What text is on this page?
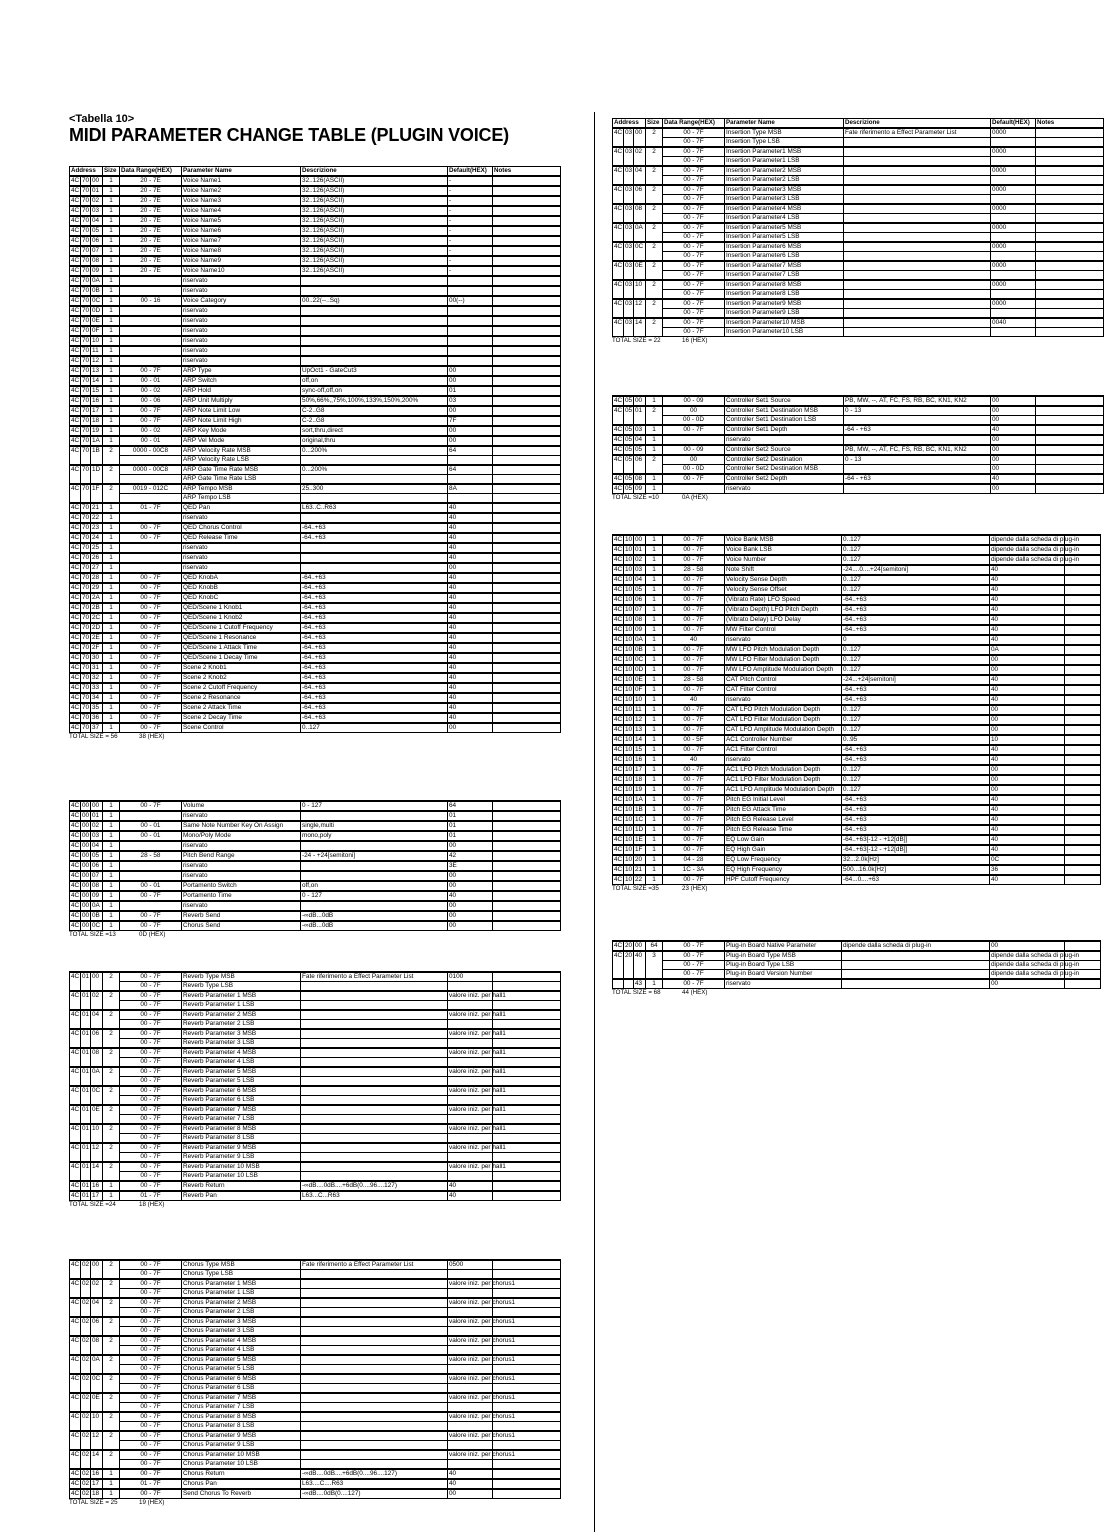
<Tabella 10>
MIDI PARAMETER CHANGE TABLE (PLUGIN VOICE)
Address			Size	Data Range(HEX)	Parameter Name	Descrizione	Default(HEX)	Notes
4C	70	00	1	20 - 7E	Voice Name1	32..126(ASCII)	-	
4C	70	01	1	20 - 7E	Voice Name2	32..126(ASCII)	-	
4C	70	02	1	20 - 7E	Voice Name3	32..126(ASCII)	-	
4C	70	03	1	20 - 7E	Voice Name4	32..126(ASCII)	-	
4C	70	04	1	20 - 7E	Voice Name5	32..126(ASCII)	-	
4C	70	05	1	20 - 7E	Voice Name6	32..126(ASCII)	-	
4C	70	06	1	20 - 7E	Voice Name7	32..126(ASCII)	-	
4C	70	07	1	20 - 7E	Voice Name8	32..126(ASCII)	-	
4C	70	08	1	20 - 7E	Voice Name9	32..126(ASCII)	-	
4C	70	09	1	20 - 7E	Voice Name10	32..126(ASCII)	-	
4C	70	0A	1		riservato			
4C	70	0B	1		riservato			
4C	70	0C	1	00 - 16	Voice Category	00..22(--..Sq)	00(--)	
4C	70	0D	1		riservato			
4C	70	0E	1		riservato			
4C	70	0F	1		riservato			
4C	70	10	1		riservato			
4C	70	11	1		riservato			
4C	70	12	1		riservato			
4C	70	13	1	00 - 7F	ARP Type	UpOct1 - GateCut3	00	
4C	70	14	1	00 - 01	ARP Switch	off,on	00	
4C	70	15	1	00 - 02	ARP Hold	sync-off,off,on	01	
4C	70	16	1	00 - 06	ARP Unit Multiply	50%,66%,,75%,100%,133%,150%,200%	03	
4C	70	17	1	00 - 7F	ARP Note Limit Low	C-2..G8	00	
4C	70	18	1	00 - 7F	ARP Note Limit High	C-2..G8	7F	
4C	70	19	1	00 - 02	ARP Key Mode	sort,thru,direct	00	
4C	70	1A	1	00 - 01	ARP Vel Mode	original,thru	00	
4C	70	1B	2	0000 - 00C8	ARP Velocity Rate MSB	0...200%	64	
					ARP Velocity Rate LSB			
4C	70	1D	2	0000 - 00C8	ARP Gate Time Rate MSB	0...200%	64	
					ARP Gate Time Rate LSB			
4C	70	1F	2	0019 - 012C	ARP Tempo MSB	25..300	8A	
					ARP Tempo LSB			
4C	70	21	1	01 - 7F	QED Pan	L63..C..R63	40	
4C	70	22	1		riservato		40	
4C	70	23	1	00 - 7F	QED Chorus Control	-64..+63	40	
4C	70	24	1	00 - 7F	QED Release Time	-64..+63	40	
4C	70	25	1		riservato		40	
4C	70	26	1		riservato		40	
4C	70	27	1		riservato		00	
4C	70	28	1	00 - 7F	QED KnobA	-64..+63	40	
4C	70	29	1	00 - 7F	QED KnobB	-64..+63	40	
4C	70	2A	1	00 - 7F	QED KnobC	-64..+63	40	
4C	70	2B	1	00 - 7F	QED/Scene 1 Knob1	-64..+63	40	
4C	70	2C	1	00 - 7F	QED/Scene 1 Knob2	-64..+63	40	
4C	70	2D	1	00 - 7F	QED/Scene 1 Cutoff Frequency	-64..+63	40	
4C	70	2E	1	00 - 7F	QED/Scene 1 Resonance	-64..+63	40	
4C	70	2F	1	00 - 7F	QED/Scene 1 Attack Time	-64..+63	40	
4C	70	30	1	00 - 7F	QED/Scene 1 Decay Time	-64..+63	40	
4C	70	31	1	00 - 7F	Scene 2 Knob1	-64..+63	40	
4C	70	32	1	00 - 7F	Scene 2 Knob2	-64..+63	40	
4C	70	33	1	00 - 7F	Scene 2 Cutoff Frequency	-64..+63	40	
4C	70	34	1	00 - 7F	Scene 2 Resonance	-64..+63	40	
4C	70	35	1	00 - 7F	Scene 2 Attack Time	-64..+63	40	
4C	70	36	1	00 - 7F	Scene 2 Decay Time	-64..+63	40	
4C	70	37	1	00 - 7F	Scene Control	0..127	00	
TOTAL SIZE = 56	38 (HEX)
4C	00	00	1	00 - 7F	Volume	0 - 127	64	
4C	00	01	1		riservato		01	
4C	00	02	1	00 - 01	Same Note Number Key On Assign	single,multi	01	
4C	00	03	1	00 - 01	Mono/Poly Mode	mono,poly	01	
4C	00	04	1		riservato		00	
4C	00	05	1	28 - 58	Pitch Bend Range	-24 - +24[semitoni]	42	
4C	00	06	1		riservato		3E	
4C	00	07	1		riservato		00	
4C	00	08	1	00 - 01	Portamento Switch	off,on	00	
4C	00	09	1	00 - 7F	Portamento Time	0 - 127	40	
4C	00	0A	1		riservato		00	
4C	00	0B	1	00 - 7F	Reverb Send	-∞dB...0dB	00	
4C	00	0C	1	00 - 7F	Chorus Send	-∞dB...0dB	00	
TOTAL SIZE =13	0D (HEX)
4C	01	00	2	00 - 7F	Reverb Type MSB	Fate riferimento a Effect Parameter List	0100	
				00 - 7F	Reverb Type LSB			
4C	01	02	2	00 - 7F	Reverb Parameter 1 MSB		valore iniz. per hall1	
				00 - 7F	Reverb Parameter 1 LSB			
4C	01	04	2	00 - 7F	Reverb Parameter 2 MSB		valore iniz. per hall1	
				00 - 7F	Reverb Parameter 2 LSB			
4C	01	06	2	00 - 7F	Reverb Parameter 3 MSB		valore iniz. per hall1	
				00 - 7F	Reverb Parameter 3 LSB			
4C	01	08	2	00 - 7F	Reverb Parameter 4 MSB		valore iniz. per hall1	
				00 - 7F	Reverb Parameter 4 LSB			
4C	01	0A	2	00 - 7F	Reverb Parameter 5 MSB		valore iniz. per hall1	
				00 - 7F	Reverb Parameter 5 LSB			
4C	01	0C	2	00 - 7F	Reverb Parameter 6 MSB		valore iniz. per hall1	
				00 - 7F	Reverb Parameter 6 LSB			
4C	01	0E	2	00 - 7F	Reverb Parameter 7 MSB		valore iniz. per hall1	
				00 - 7F	Reverb Parameter 7 LSB			
4C	01	10	2	00 - 7F	Reverb Parameter 8 MSB		valore iniz. per hall1	
				00 - 7F	Reverb Parameter 8 LSB			
4C	01	12	2	00 - 7F	Reverb Parameter 9 MSB		valore iniz. per hall1	
				00 - 7F	Reverb Parameter 9 LSB			
4C	01	14	2	00 - 7F	Reverb Parameter 10 MSB		valore iniz. per hall1	
				00 - 7F	Reverb Parameter 10 LSB			
4C	01	16	1	00 - 7F	Reverb Return	-∞dB....0dB....+6dB(0....96....127)	40	
4C	01	17	1	01 - 7F	Reverb Pan	L63...C...R63	40	
TOTAL SIZE =24	18 (HEX)
4C	02	00	2	00 - 7F	Chorus Type MSB	Fate riferimento a Effect Parameter List	0500	
				00 - 7F	Chorus Type LSB			
4C	02	02	2	00 - 7F	Chorus Parameter 1 MSB		valore iniz. per chorus1	
				00 - 7F	Chorus Parameter 1 LSB			
4C	02	04	2	00 - 7F	Chorus Parameter 2 MSB		valore iniz. per chorus1	
				00 - 7F	Chorus Parameter 2 LSB			
4C	02	06	2	00 - 7F	Chorus Parameter 3 MSB		valore iniz. per chorus1	
				00 - 7F	Chorus Parameter 3 LSB			
4C	02	08	2	00 - 7F	Chorus Parameter 4 MSB		valore iniz. per chorus1	
				00 - 7F	Chorus Parameter 4 LSB			
4C	02	0A	2	00 - 7F	Chorus Parameter 5 MSB		valore iniz. per chorus1	
				00 - 7F	Chorus Parameter 5 LSB			
4C	02	0C	2	00 - 7F	Chorus Parameter 6 MSB		valore iniz. per chorus1	
				00 - 7F	Chorus Parameter 6 LSB			
4C	02	0E	2	00 - 7F	Chorus Parameter 7 MSB		valore iniz. per chorus1	
				00 - 7F	Chorus Parameter 7 LSB			
4C	02	10	2	00 - 7F	Chorus Parameter 8 MSB		valore iniz. per chorus1	
				00 - 7F	Chorus Parameter 8 LSB			
4C	02	12	2	00 - 7F	Chorus Parameter 9 MSB		valore iniz. per chorus1	
				00 - 7F	Chorus Parameter 9 LSB			
4C	02	14	2	00 - 7F	Chorus Parameter 10 MSB		valore iniz. per chorus1	
				00 - 7F	Chorus Parameter 10 LSB			
4C	02	16	1	00 - 7F	Chorus Return	-∞dB....0dB....+6dB(0....96....127)	40	
4C	02	17	1	01 - 7F	Chorus Pan	L63....C....R63	40	
4C	02	18	1	00 - 7F	Send Chorus To Reverb	-∞dB....0dB(0....127)	00	
TOTAL SIZE = 25	19 (HEX)
Address			Size	Data Range(HEX)	Parameter Name	Descrizione	Default(HEX)	Notes
4C	03	00	2	00 - 7F	Insertion Type MSB	Fate riferimento a Effect Parameter List	0000	
				00 - 7F	Insertion Type LSB			
4C	03	02	2	00 - 7F	Insertion Parameter1 MSB		0000	
				00 - 7F	Insertion Parameter1 LSB			
4C	03	04	2	00 - 7F	Insertion Parameter2 MSB		0000	
				00 - 7F	Insertion Parameter2 LSB			
4C	03	06	2	00 - 7F	Insertion Parameter3 MSB		0000	
				00 - 7F	Insertion Parameter3 LSB			
4C	03	08	2	00 - 7F	Insertion Parameter4 MSB		0000	
				00 - 7F	Insertion Parameter4 LSB			
4C	03	0A	2	00 - 7F	Insertion Parameter5 MSB		0000	
				00 - 7F	Insertion Parameter5 LSB			
4C	03	0C	2	00 - 7F	Insertion Parameter6 MSB		0000	
				00 - 7F	Insertion Parameter6 LSB			
4C	03	0E	2	00 - 7F	Insertion Parameter7 MSB		0000	
				00 - 7F	Insertion Parameter7 LSB			
4C	03	10	2	00 - 7F	Insertion Parameter8 MSB		0000	
				00 - 7F	Insertion Parameter8 LSB			
4C	03	12	2	00 - 7F	Insertion Parameter9 MSB		0000	
				00 - 7F	Insertion Parameter9 LSB			
4C	03	14	2	00 - 7F	Insertion Parameter10 MSB		0040	
				00 - 7F	Insertion Parameter10 LSB			
TOTAL SIZE = 22	16 (HEX)
4C	05	00	1	00 - 09	Controller Set1 Source	PB, MW, --, AT, FC, FS, RB, BC, KN1, KN2	00	
4C	05	01	2	00	Controller Set1 Destination MSB	0 - 13	00	
				00 - 0D	Controller Set1 Destination LSB		00	
4C	05	03	1	00 - 7F	Controller Set1 Depth	-64 - +63	40	
4C	05	04	1		riservato		00	
4C	05	05	1	00 - 09	Controller Set2 Source	PB, MW, --, AT, FC, FS, RB, BC, KN1, KN2	00	
4C	05	06	2	00	Controller Set2 Destination	0 - 13	00	
				00 - 0D	Controller Set2 Destination MSB		00	
4C	05	08	1	00 - 7F	Controller Set2 Depth	-64 - +63	40	
4C	05	09	1		riservato		00	
TOTAL SIZE =10	0A (HEX)
4C	10	00	1	00 - 7F	Voice Bank MSB	0..127	dipende dalla scheda di plug-in	
4C	10	01	1	00 - 7F	Voice Bank LSB	0..127	dipende dalla scheda di plug-in	
4C	10	02	1	00 - 7F	Voice Number	0..127	dipende dalla scheda di plug-in	
4C	10	03	1	28 - 58	Note Shift	-24....0....+24[semitoni]	40	
4C	10	04	1	00 - 7F	Velocity Sense Depth	0..127	40	
4C	10	05	1	00 - 7F	Velocity Sense Offset	0..127	40	
4C	10	06	1	00 - 7F	(Vibrato Rate) LFO Speed	-64..+63	40	
4C	10	07	1	00 - 7F	(Vibrato Depth) LFO Pitch Depth	-64..+63	40	
4C	10	08	1	00 - 7F	(Vibrato Delay) LFO Delay	-64..+63	40	
4C	10	09	1	00 - 7F	MW Filter Control	-64..+63	40	
4C	10	0A	1	40	riservato	0	40	
4C	10	0B	1	00 - 7F	MW LFO Pitch Modulation Depth	0..127	0A	
4C	10	0C	1	00 - 7F	MW LFO Filter Modulation Depth	0..127	00	
4C	10	0D	1	00 - 7F	MW LFO Amplitude Modulation Depth	0..127	00	
4C	10	0E	1	28 - 58	CAT Pitch Control	-24...+24[semitoni]	40	
4C	10	0F	1	00 - 7F	CAT Filter Control	-64..+63	40	
4C	10	10	1	40	riservato	-64..+63	40	
4C	10	11	1	00 - 7F	CAT LFO Pitch Modulation Depth	0..127	00	
4C	10	12	1	00 - 7F	CAT LFO Filter Modulation Depth	0..127	00	
4C	10	13	1	00 - 7F	CAT LFO Amplitude Modulation Depth	0..127	00	
4C	10	14	1	00 - 5F	AC1 Controller Number	0..95	10	
4C	10	15	1	00 - 7F	AC1 Filter Control	-64..+63	40	
4C	10	16	1	40	riservato	-64..+63	40	
4C	10	17	1	00 - 7F	AC1 LFO Pitch Modulation Depth	0..127	00	
4C	10	18	1	00 - 7F	AC1 LFO Filter Modulation Depth	0..127	00	
4C	10	19	1	00 - 7F	AC1 LFO Amplitude Modulation Depth	0..127	00	
4C	10	1A	1	00 - 7F	Pitch EG Initial Level	-64..+63	40	
4C	10	1B	1	00 - 7F	Pitch EG Attack Time	-64..+63	40	
4C	10	1C	1	00 - 7F	Pitch EG Release Level	-64..+63	40	
4C	10	1D	1	00 - 7F	Pitch EG Release Time	-64..+63	40	
4C	10	1E	1	00 - 7F	EQ Low Gain	-64..+63[-12 - +12[dB]]	40	
4C	10	1F	1	00 - 7F	EQ High Gain	-64..+63[-12 - +12[dB]]	40	
4C	10	20	1	04 - 28	EQ Low Frequency	32...2.0k[Hz]	0C	
4C	10	21	1	1C - 3A	EQ High Frequency	500...16.0k[Hz]	36	
4C	10	22	1	00 - 7F	HPF Cutoff Frequency	-64...0....+63	40	
TOTAL SIZE =35	23 (HEX)
4C	20	00	64	00 - 7F	Plug-in Board Native Parameter	dipende dalla scheda di plug-in	00	
4C	20	40	3	00 - 7F	Plug-in Board Type MSB		dipende dalla scheda di plug-in	
				00 - 7F	Plug-in Board Type LSB		dipende dalla scheda di plug-in	
				00 - 7F	Plug-in Board Version Number		dipende dalla scheda di plug-in	
		43	1	00 - 7F	riservato		00	
TOTAL SIZE = 68	44 (HEX)
